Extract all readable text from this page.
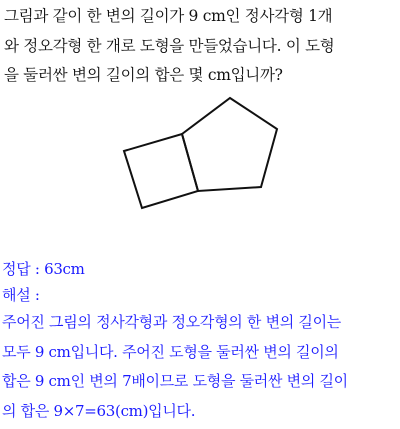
그림과 같이 한 변의 길이가 9 cm인 정사각형 1개
와 정오각형 한 개로 도형을 만들었습니다. 이 도형
을 둘러싼 변의 길이의 합은 몇 cm입니까?
정답 : 63cm
해설 :
주어진 그림의 정사각형과 정오각형의 한 변의 길이는
모두 9 cm입니다. 주어진 도형을 둘러싼 변의 길이의
합은 9 cm인 변의 7배이므로 도형을 둘러싼 변의 길이
의 합은 9×7=63(cm)입니다.
